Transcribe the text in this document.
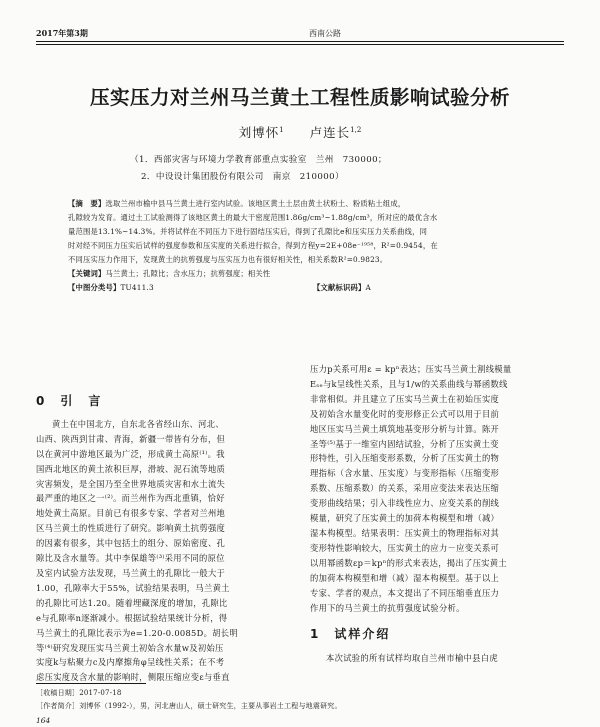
2017年第3期	西南公路
压实压力对兰州马兰黄土工程性质影响试验分析
刘博怀$^1$ 卢连长$^{1,2}$
（1．西部灾害与环境力学教育部重点实验室　兰州　730000；
2．中设设计集团股份有限公司　南京　210000）
【摘　要】选取兰州市榆中县马兰黄土进行室内试验。该地区黄土土层由黄土状粉土、粉质粘土组成，
孔隙较为发育。通过土工试验测得了该地区黄土的最大干密度范围1.86g/cm³~1.88g/cm³，所对应的最优含水
量范围是13.1%~14.3%。并将试样在不同压力下进行固结压实后，得到了孔隙比e和压实压力关系曲线，同
时对经不同压力压实后试样的强度参数和压实度的关系进行拟合，得到方程y=2E+08e⁻¹⁹⁵⁸，R²=0.9454，在
不同压实压力作用下，发现黄土的抗剪强度与压实压力也有很好相关性，相关系数R²=0.9823。
【关键词】马兰黄土；孔隙比；含水压力；抗剪强度；相关性
【中图分类号】TU411.3	【文献标识码】A
0 引　言
黄土在中国北方，自东北各省经山东、河北、
山西、陕西到甘肃、青海，新疆一带皆有分布，但
以在黄河中游地区最为广泛，形成黄土高原⁽¹⁾。我
国西北地区的黄土浓积巨厚，滑坡、泥石流等地质
灾害频发，是全国乃至全世界地质灾害和水土流失
最严重的地区之一⁽²⁾。而兰州作为西北重镇，恰好
地处黄土高原。目前已有很多专家、学者对兰州地
区马兰黄土的性质进行了研究。影响黄土抗剪强度
的因素有很多，其中包括土的组分、原始密度、孔
隙比及含水量等。其中李保雄等⁽³⁾采用不同的原位
及室内试验方法发现，马兰黄土的孔隙比一般大于
1.00，孔隙率大于55%，试验结果表明，马兰黄土
的孔隙比可达1.20。随着埋藏深度的增加，孔隙比
e与孔隙率n逐渐减小。根据试验结果统计分析，得
马兰黄土的孔隙比表示为e=1.20-0.0085D。胡长明
等⁽⁴⁾研究发现压实马兰黄土初始含水量w及初始压
实度k与粘聚力c及内摩擦角φ呈线性关系；在不考
虑压实度及含水量的影响时，侧限压缩应变ε与垂直
压力p关系可用ε = kpⁿ表达；压实马兰黄土割线模量
Eₛₑ与k呈线性关系，且与1/w的关系曲线与幂函数线
非常相似。并且建立了压实马兰黄土在初始压实度
及初始含水量变化时的变形修正公式可以用于目前
地区压实马兰黄土填筑地基变形分析与计算。陈开
圣等⁽⁵⁾基于一维室内固结试验，分析了压实黄土变
形特性，引入压缩变形系数，分析了压实黄土的物
理指标（含水量、压实度）与变形指标（压缩变形
系数、压缩系数）的关系，采用应变法来表达压缩
变形曲线结果；引入非线性应力、应变关系的削线
模量，研究了压实黄土的加荷本构模型和增（减）
湿本构模型。结果表明：压实黄土的物理指标对其
变形特性影响较大，压实黄土的应力－应变关系可
以用幂函数εp＝kpⁿ的形式来表达，揭出了压实黄土
的加荷本构模型和增（减）湿本构模型。基于以上
专家、学者的观点，本文提出了不同压缩垂直压力
作用下的马兰黄土的抗剪强度试验分析。
1 试样介绍
本次试验的所有试样均取自兰州市榆中县白虎
［收稿日期］2017-07-18
［作者简介］刘博怀（1992-），男，河北唐山人，硕士研究生，主要从事岩土工程与地震研究。
164
